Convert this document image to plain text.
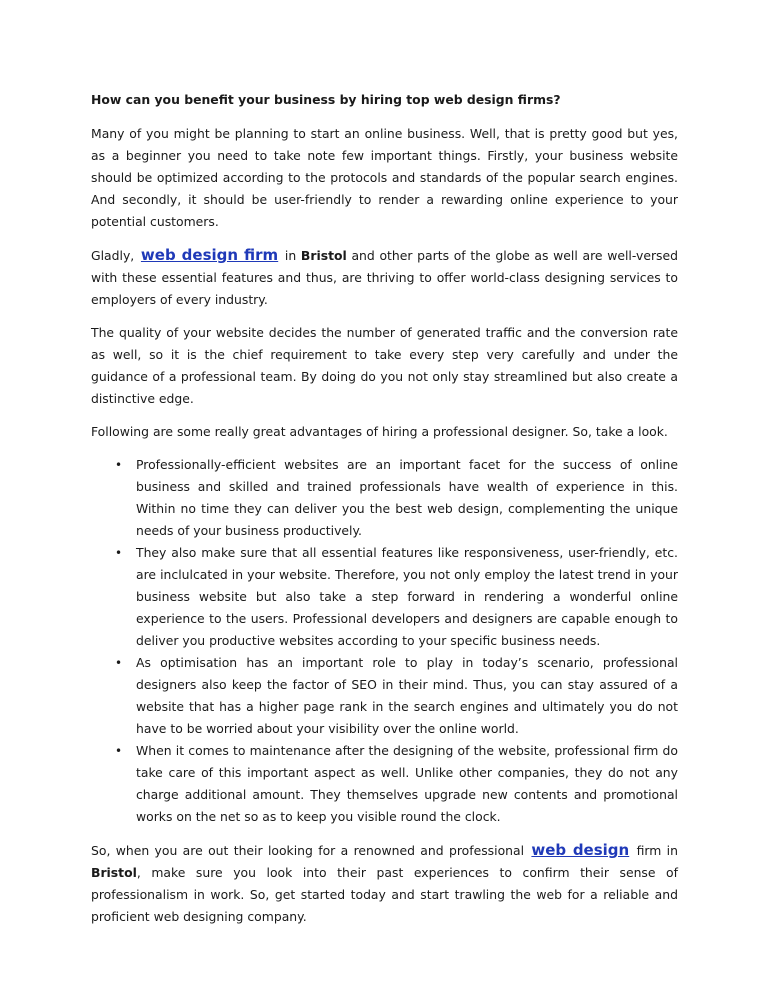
How can you benefit your business by hiring top web design firms?

Many of you might be planning to start an online business. Well, that is pretty good but yes, as a beginner you need to take note few important things. Firstly, your business website should be optimized according to the protocols and standards of the popular search engines. And secondly, it should be user-friendly to render a rewarding online experience to your potential customers.

Gladly, web design firm in Bristol and other parts of the globe as well are well-versed with these essential features and thus, are thriving to offer world-class designing services to employers of every industry.

The quality of your website decides the number of generated traffic and the conversion rate as well, so it is the chief requirement to take every step very carefully and under the guidance of a professional team. By doing do you not only stay streamlined but also create a distinctive edge.

Following are some really great advantages of hiring a professional designer. So, take a look.

• Professionally-efficient websites are an important facet for the success of online business and skilled and trained professionals have wealth of experience in this. Within no time they can deliver you the best web design, complementing the unique needs of your business productively.
• They also make sure that all essential features like responsiveness, user-friendly, etc. are inclulcated in your website. Therefore, you not only employ the latest trend in your business website but also take a step forward in rendering a wonderful online experience to the users. Professional developers and designers are capable enough to deliver you productive websites according to your specific business needs.
• As optimisation has an important role to play in today’s scenario, professional designers also keep the factor of SEO in their mind. Thus, you can stay assured of a website that has a higher page rank in the search engines and ultimately you do not have to be worried about your visibility over the online world.
• When it comes to maintenance after the designing of the website, professional firm do take care of this important aspect as well. Unlike other companies, they do not any charge additional amount. They themselves upgrade new contents and promotional works on the net so as to keep you visible round the clock.

So, when you are out their looking for a renowned and professional web design firm in Bristol, make sure you look into their past experiences to confirm their sense of professionalism in work. So, get started today and start trawling the web for a reliable and proficient web designing company.
